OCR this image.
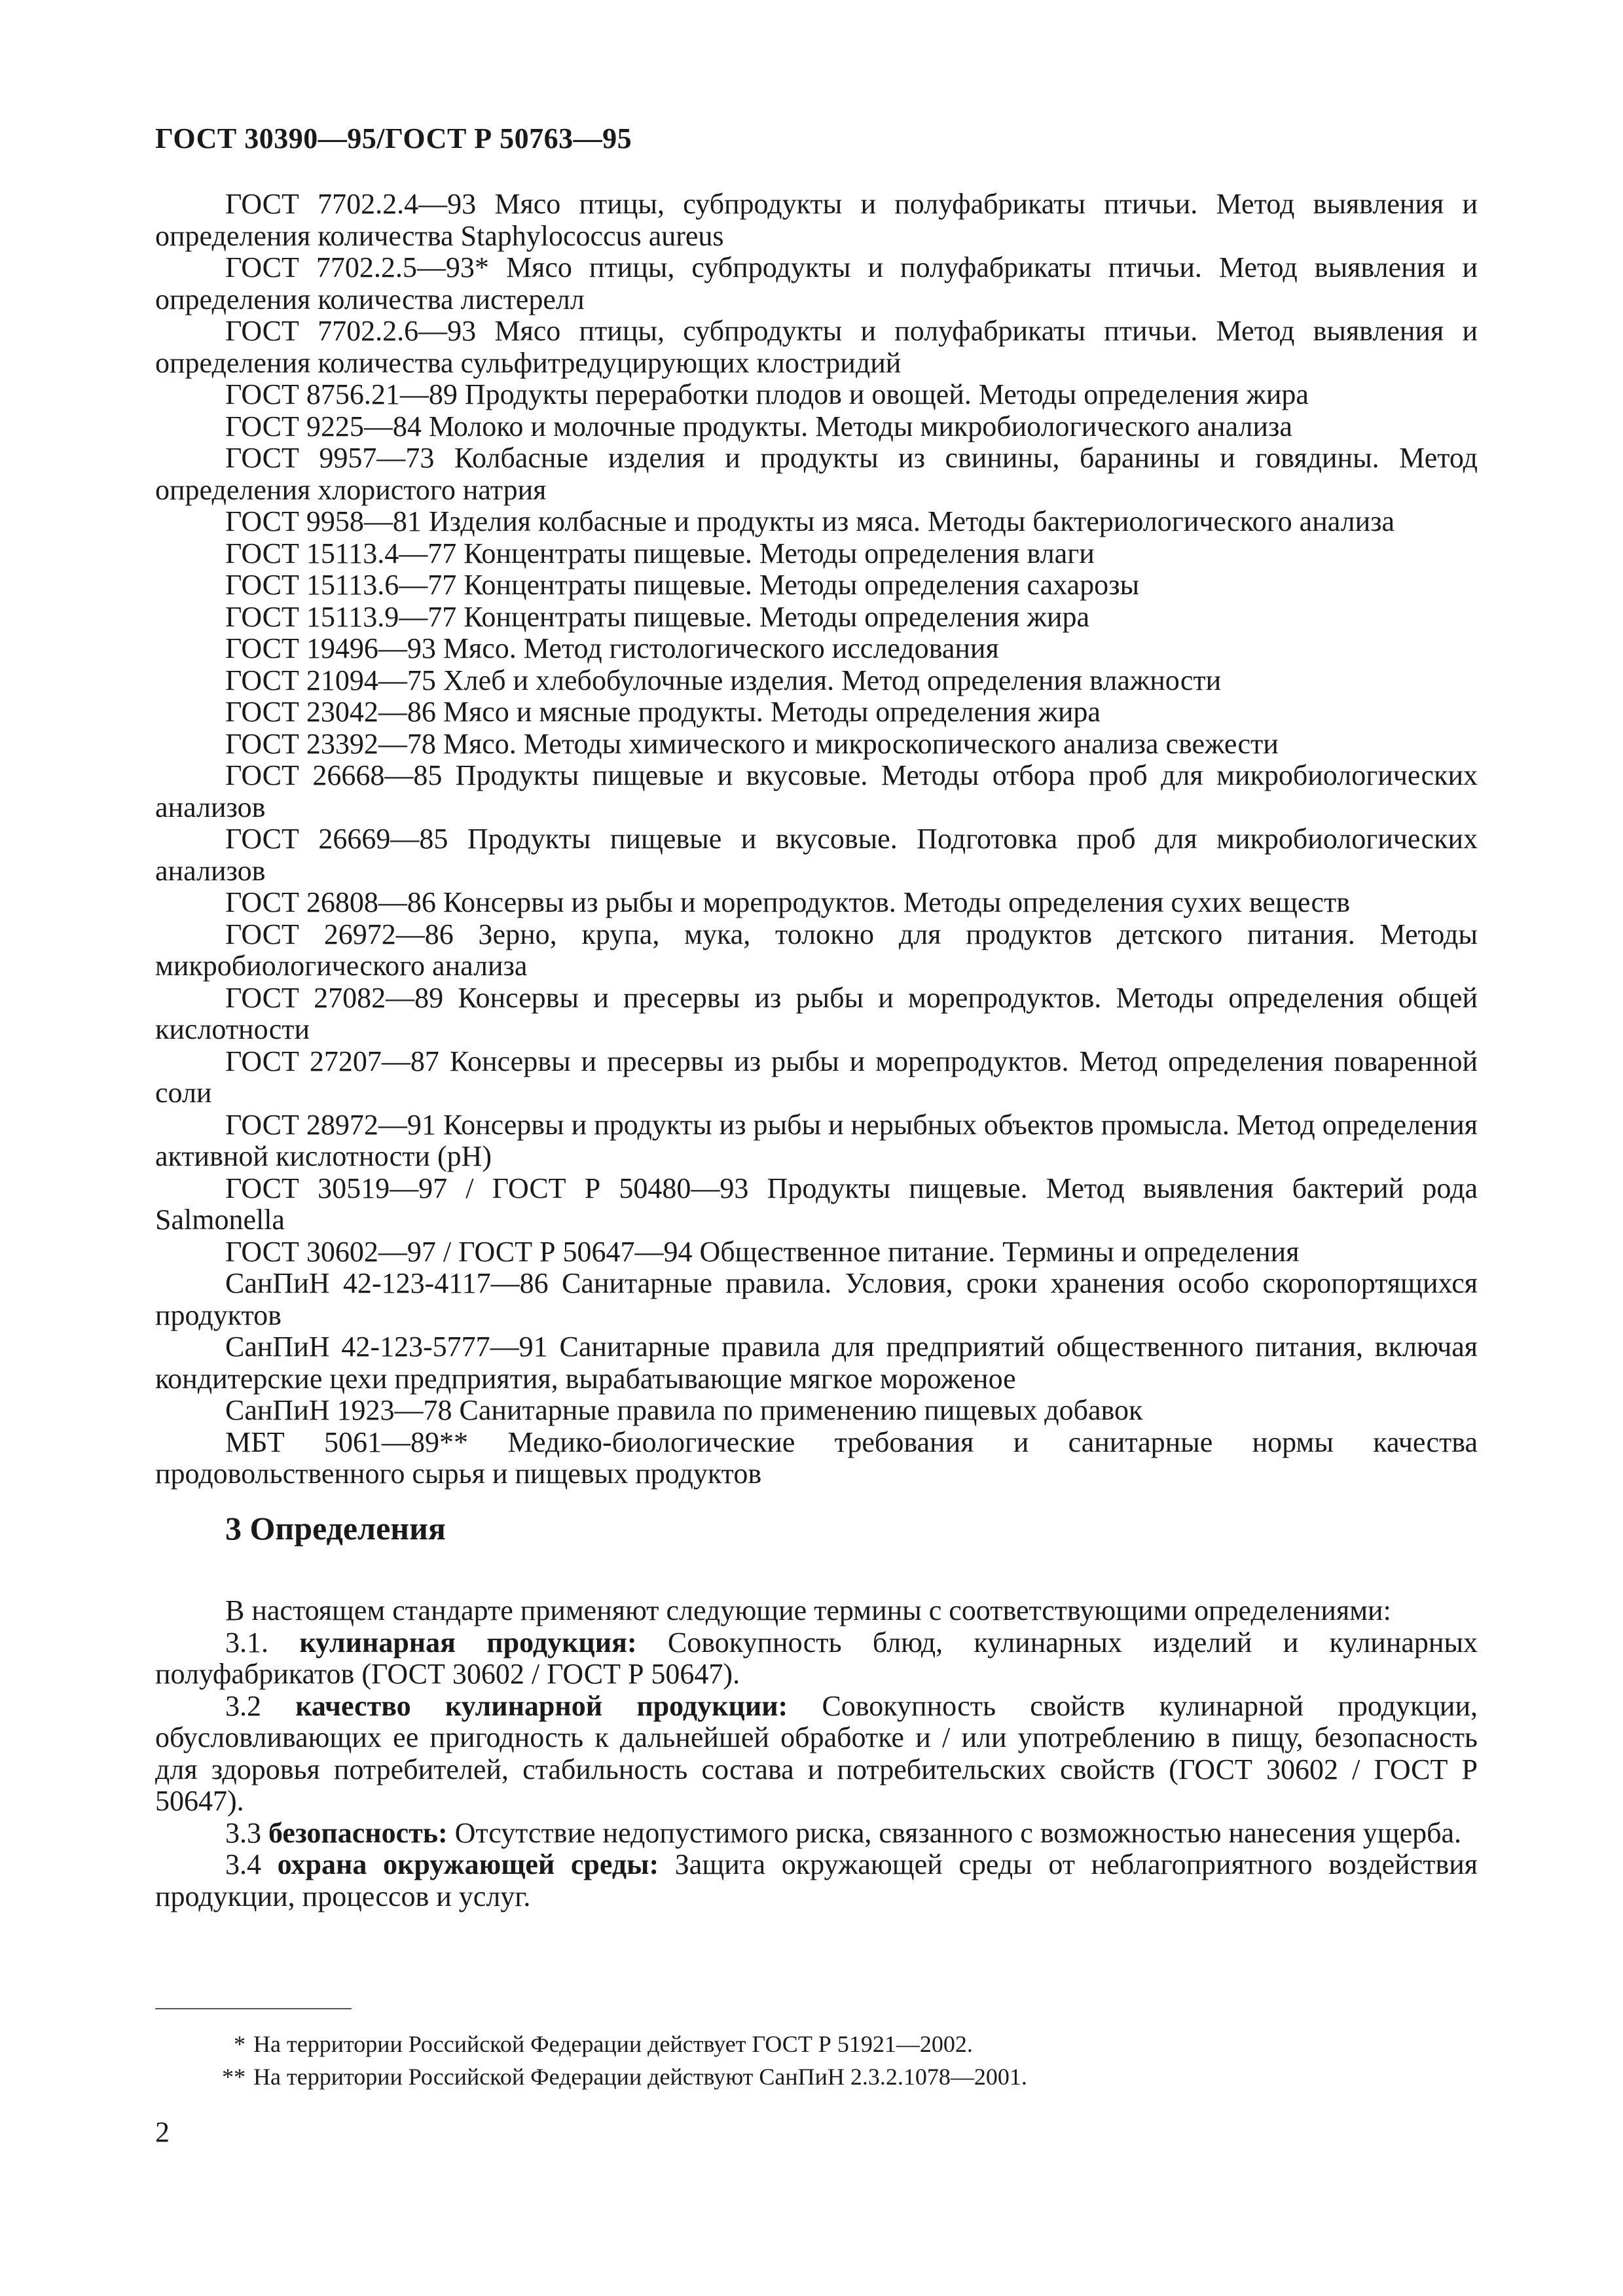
ГОСТ 30390—95/ГОСТ Р 50763—95

ГОСТ 7702.2.4—93 Мясо птицы, субпродукты и полуфабрикаты птичьи. Метод выявления и определения количества Staphylococcus aureus

ГОСТ 7702.2.5—93* Мясо птицы, субпродукты и полуфабрикаты птичьи. Метод выявления и определения количества листерелл

ГОСТ 7702.2.6—93 Мясо птицы, субпродукты и полуфабрикаты птичьи. Метод выявления и определения количества сульфитредуцирующих клостридий

ГОСТ 8756.21—89 Продукты переработки плодов и овощей. Методы определения жира

ГОСТ 9225—84 Молоко и молочные продукты. Методы микробиологического анализа

ГОСТ 9957—73 Колбасные изделия и продукты из свинины, баранины и говядины. Метод определения хлористого натрия

ГОСТ 9958—81 Изделия колбасные и продукты из мяса. Методы бактериологического анализа

ГОСТ 15113.4—77 Концентраты пищевые. Методы определения влаги

ГОСТ 15113.6—77 Концентраты пищевые. Методы определения сахарозы

ГОСТ 15113.9—77 Концентраты пищевые. Методы определения жира

ГОСТ 19496—93 Мясо. Метод гистологического исследования

ГОСТ 21094—75 Хлеб и хлебобулочные изделия. Метод определения влажности

ГОСТ 23042—86 Мясо и мясные продукты. Методы определения жира

ГОСТ 23392—78 Мясо. Методы химического и микроскопического анализа свежести

ГОСТ 26668—85 Продукты пищевые и вкусовые. Методы отбора проб для микробиологических анализов

ГОСТ 26669—85 Продукты пищевые и вкусовые. Подготовка проб для микробиологических анализов

ГОСТ 26808—86 Консервы из рыбы и морепродуктов. Методы определения сухих веществ

ГОСТ 26972—86 Зерно, крупа, мука, толокно для продуктов детского питания. Методы микробиологического анализа

ГОСТ 27082—89 Консервы и пресервы из рыбы и морепродуктов. Методы определения общей кислотности

ГОСТ 27207—87 Консервы и пресервы из рыбы и морепродуктов. Метод определения поваренной соли

ГОСТ 28972—91 Консервы и продукты из рыбы и нерыбных объектов промысла. Метод определения активной кислотности (pH)

ГОСТ 30519—97 / ГОСТ Р 50480—93 Продукты пищевые. Метод выявления бактерий рода Salmonella

ГОСТ 30602—97 / ГОСТ Р 50647—94 Общественное питание. Термины и определения

СанПиН 42-123-4117—86 Санитарные правила. Условия, сроки хранения особо скоропортящихся продуктов

СанПиН 42-123-5777—91 Санитарные правила для предприятий общественного питания, включая кондитерские цехи предприятия, вырабатывающие мягкое мороженое

СанПиН 1923—78 Санитарные правила по применению пищевых добавок

МБТ 5061—89** Медико-биологические требования и санитарные нормы качества продовольственного сырья и пищевых продуктов

3 Определения

В настоящем стандарте применяют следующие термины с соответствующими определениями:

3.1. кулинарная продукция: Совокупность блюд, кулинарных изделий и кулинарных полуфабрикатов (ГОСТ 30602 / ГОСТ Р 50647).

3.2 качество кулинарной продукции: Совокупность свойств кулинарной продукции, обусловливающих ее пригодность к дальнейшей обработке и / или употреблению в пищу, безопасность для здоровья потребителей, стабильность состава и потребительских свойств (ГОСТ 30602 / ГОСТ Р 50647).

3.3 безопасность: Отсутствие недопустимого риска, связанного с возможностью нанесения ущерба.

3.4 охрана окружающей среды: Защита окружающей среды от неблагоприятного воздействия продукции, процессов и услуг.

* На территории Российской Федерации действует ГОСТ Р 51921—2002.

** На территории Российской Федерации действуют СанПиН 2.3.2.1078—2001.

2
